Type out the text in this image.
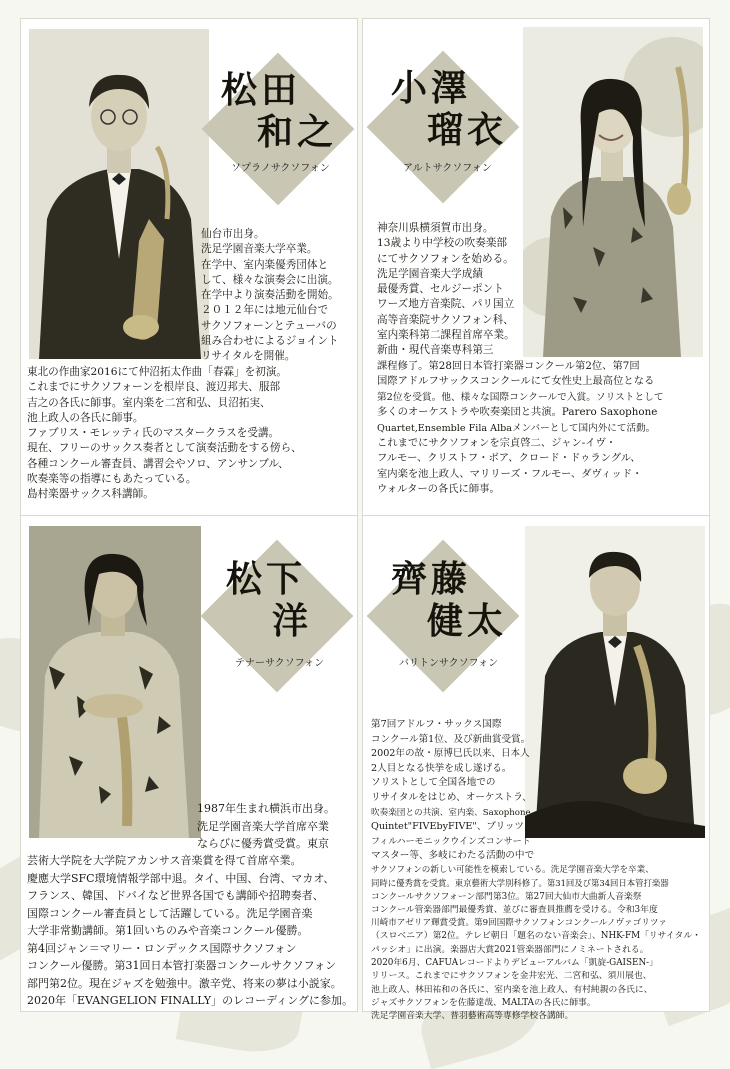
松田
和之
ソプラノサクソフォン
仙台市出身。
洗足学園音楽大学卒業。
在学中、室内楽優秀団体と
して、様々な演奏会に出演。
在学中より演奏活動を開始。
２０１２年には地元仙台で
サクソフォーンとテューバの
組み合わせによるジョイント
リサイタルを開催。
東北の作曲家2016にて仲沼拓太作曲「春霖」を初演。
これまでにサクソフォーンを根岸良、渡辺邦夫、服部
吉之の各氏に師事。室内楽を二宮和弘、貝沼拓実、
池上政人の各氏に師事。
ファブリス・モレッティ氏のマスタークラスを受講。
現在、フリーのサックス奏者として演奏活動をする傍ら、
各種コンクール審査員、講習会やソロ、アンサンブル、
吹奏楽等の指導にもあたっている。
島村楽器サックス科講師。
小澤
瑠衣
アルトサクソフォン
神奈川県横須賀市出身。
13歳より中学校の吹奏楽部
にてサクソフォンを始める。
洗足学園音楽大学成績
最優秀賞、セルジーポント
ワーズ地方音楽院、パリ国立
高等音楽院サクソフォン科、
室内楽科第二課程首席卒業。
新曲・現代音楽専科第三
課程修了。第28回日本管打楽器コンクール第2位、第7回
国際アドルフサックスコンクールにて女性史上最高位となる
第2位を受賞。他、様々な国際コンクールで入賞。ソリストとして
多くのオーケストラや吹奏楽団と共演。Parero Saxophone
Quartet,Ensemble Fila Albaメンバーとして国内外にて活動。
これまでにサクソフォンを宗貞啓二、ジャン-イヴ・
フルモー、クリストフ・ボア、クロード・ドゥラングル、
室内楽を池上政人、マリリーズ・フルモー、ダヴィッド・
ウォルターの各氏に師事。
松下
洋
テナーサクソフォン
1987年生まれ横浜市出身。
洗足学園音楽大学首席卒業
ならびに優秀賞受賞。東京
芸術大学院を大学院アカンサス音楽賞を得て首席卒業。
慶應大学SFC環境情報学部中退。タイ、中国、台湾、マカオ、
フランス、韓国、ドバイなど世界各国でも講師や招聘奏者、
国際コンクール審査員として活躍している。洗足学園音楽
大学非常勤講師。第1回いちのみや音楽コンクール優勝。
第4回ジャン＝マリー・ロンデックス国際サクソフォン
コンクール優勝。第31回日本管打楽器コンクールサクソフォン
部門第2位。現在ジャズを勉強中。激辛党、将来の夢は小説家。
2020年「EVANGELION FINALLY」のレコーディングに参加。
齊藤
健太
バリトンサクソフォン
第7回アドルフ・サックス国際
コンクール第1位、及び新曲賞受賞。
2002年の故・原博巳氏以来、日本人
2人目となる快挙を成し遂げる。
ソリストとして全国各地での
リサイタルをはじめ、オーケストラ、
吹奏楽団との共演、室内楽、Saxophone
Quintet"FIVEbyFIVE"、ブリッツ
フィルハーモニックウインズコンサート
マスター等、多岐にわたる活動の中で
サクソフォンの新しい可能性を模索している。洗足学園音楽大学を卒業、
同時に優秀賞を受賞。東京藝術大学別科修了。第31回及び第34回日本管打楽器
コンクールサクソフォーン部門第3位。第27回大仙市大曲新人音楽祭
コンクール管楽器部門最優秀賞、並びに審査員推薦を受ける。令和3年度
川崎市アゼリア輝賞受賞。第9回国際サクソフォンコンクールノヴァゴリツァ
（スロベニア）第2位。テレビ朝日「題名のない音楽会」、NHK-FM「リサイタル・
パッシオ」に出演。楽器店大賞2021管楽器部門にノミネートされる。
2020年6月、CAFUAレコードよりデビューアルバム「凱旋-GAISEN-」
リリース。これまでにサクソフォンを金井宏光、二宮和弘、須川展也、
池上政人、林田祐和の各氏に、室内楽を池上政人、有村純親の各氏に、
ジャズサクソフォンを佐藤達哉、MALTAの各氏に師事。
洗足学園音楽大学、普羽藝術高等専修学校各講師。
